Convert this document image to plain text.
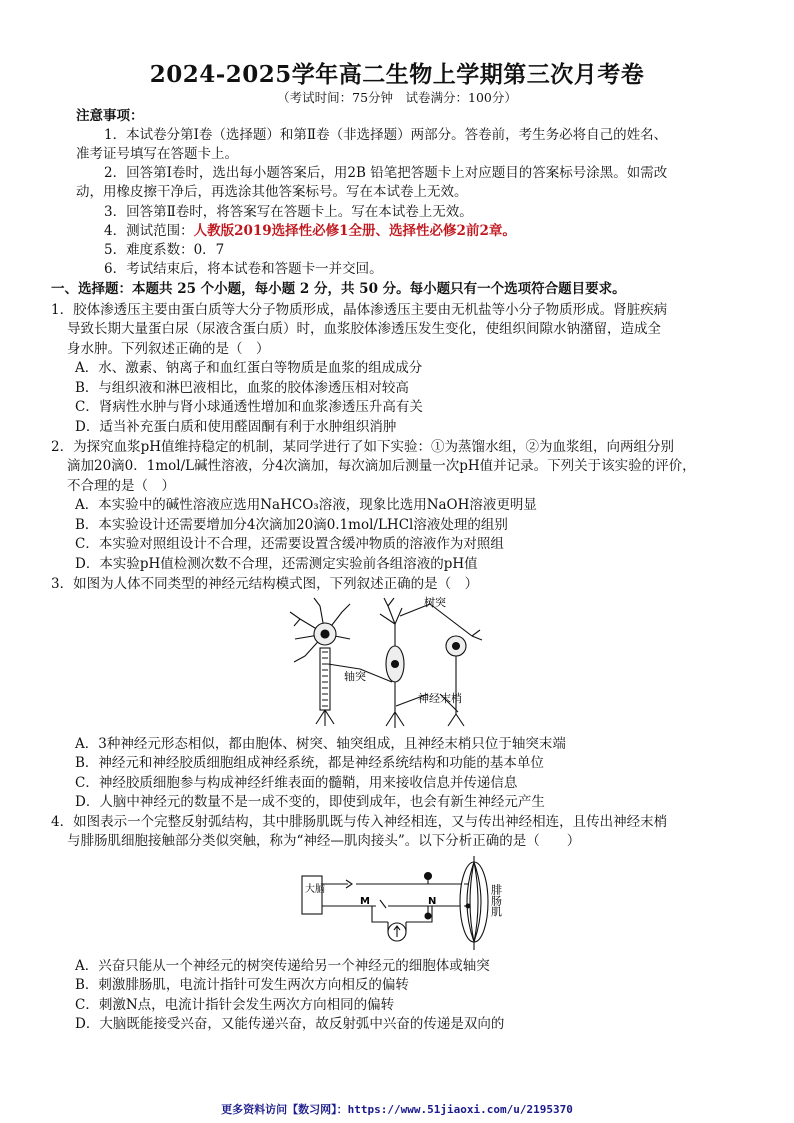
2024-2025学年高二生物上学期第三次月考卷
（考试时间：75分钟　试卷满分：100分）
注意事项：
1．本试卷分第Ⅰ卷（选择题）和第Ⅱ卷（非选择题）两部分。答卷前，考生务必将自己的姓名、
准考证号填写在答题卡上。
2．回答第Ⅰ卷时，选出每小题答案后，用2B 铅笔把答题卡上对应题目的答案标号涂黑。如需改
动，用橡皮擦干净后，再选涂其他答案标号。写在本试卷上无效。
3．回答第Ⅱ卷时，将答案写在答题卡上。写在本试卷上无效。
4．测试范围：人教版2019选择性必修1全册、选择性必修2前2章。
5．难度系数：0．7
6．考试结束后，将本试卷和答题卡一并交回。
一、选择题：本题共 25 个小题，每小题 2 分，共 50 分。每小题只有一个选项符合题目要求。
1．胶体渗透压主要由蛋白质等大分子物质形成，晶体渗透压主要由无机盐等小分子物质形成。肾脏疾病
导致长期大量蛋白尿（尿液含蛋白质）时，血浆胶体渗透压发生变化，使组织间隙水钠潴留，造成全
身水肿。下列叙述正确的是（　）
A．水、激素、钠离子和血红蛋白等物质是血浆的组成成分
B．与组织液和淋巴液相比，血浆的胶体渗透压相对较高
C．肾病性水肿与肾小球通透性增加和血浆渗透压升高有关
D．适当补充蛋白质和使用醛固酮有利于水肿组织消肿
2．为探究血浆pH值维持稳定的机制，某同学进行了如下实验：①为蒸馏水组，②为血浆组，向两组分别
滴加20滴0．1mol/L碱性溶液，分4次滴加，每次滴加后测量一次pH值并记录。下列关于该实验的评价，
不合理的是（　）
A．本实验中的碱性溶液应选用NaHCO₃溶液，现象比选用NaOH溶液更明显
B．本实验设计还需要增加分4次滴加20滴0.1mol/LHCl溶液处理的组别
C．本实验对照组设计不合理，还需要设置含缓冲物质的溶液作为对照组
D．本实验pH值检测次数不合理，还需测定实验前各组溶液的pH值
3．如图为人体不同类型的神经元结构模式图，下列叙述正确的是（　）
树突
轴突
神经末梢
A．3种神经元形态相似，都由胞体、树突、轴突组成，且神经末梢只位于轴突末端
B．神经元和神经胶质细胞组成神经系统，都是神经系统结构和功能的基本单位
C．神经胶质细胞参与构成神经纤维表面的髓鞘，用来接收信息并传递信息
D．人脑中神经元的数量不是一成不变的，即使到成年，也会有新生神经元产生
4．如图表示一个完整反射弧结构，其中腓肠肌既与传入神经相连，又与传出神经相连，且传出神经末梢
与腓肠肌细胞接触部分类似突触，称为“神经—肌肉接头”。以下分析正确的是（　　）
大脑
M	N	腓肠肌
A．兴奋只能从一个神经元的树突传递给另一个神经元的细胞体或轴突
B．刺激腓肠肌，电流计指针可发生两次方向相反的偏转
C．刺激N点，电流计指针会发生两次方向相同的偏转
D．大脑既能接受兴奋，又能传递兴奋，故反射弧中兴奋的传递是双向的
更多资料访问【数习网】：https://www.51jiaoxi.com/u/2195370
